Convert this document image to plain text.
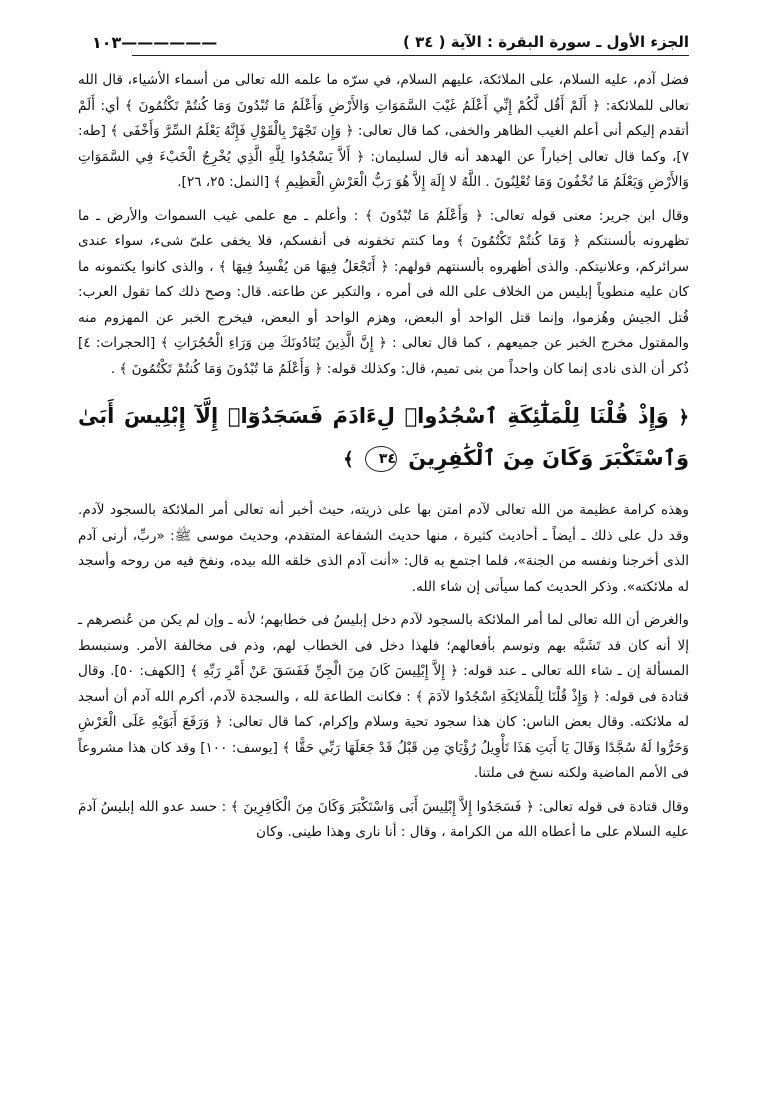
الجزء الأول ـ سورة البقرة : الآية ( ٣٤ )
١٠٣——————

فضل آدم، عليه السلام، على الملائكة، عليهم السلام، في سرّه ما علمه الله تعالى من أسماء الأشياء، قال الله تعالى للملائكة: ﴿ أَلَمْ أَقُل لَّكُمْ إِنِّي أَعْلَمُ غَيْبَ السَّمَوَاتِ وَالأَرْضِ وَأَعْلَمُ مَا تُبْدُونَ وَمَا كُنتُمْ تَكْتُمُونَ ﴾ أي: أَلَمْ أتقدم إليكم أنى أعلم الغيب الظاهر والخفى، كما قال تعالى: ﴿ وَإِن تَجْهَرْ بِالْقَوْلِ فَإِنَّهُ يَعْلَمُ السِّرَّ وَأَخْفَى ﴾ [طه: ٧]، وكما قال تعالى إخباراً عن الهدهد أنه قال لسليمان: ﴿ أَلاَّ يَسْجُدُوا لِلَّهِ الَّذِي يُخْرِجُ الْخَبْءَ فِي السَّمَوَاتِ وَالأَرْضِ وَيَعْلَمُ مَا تُخْفُونَ وَمَا تُعْلِنُونَ . اللَّهُ لا إِلَهَ إِلاَّ هُوَ رَبُّ الْعَرْشِ الْعَظِيمِ ﴾ [النمل: ٢٥، ٢٦].

وقال ابن جرير: معنى قوله تعالى: ﴿ وَأَعْلَمُ مَا تُبْدُونَ ﴾ : وأعلم ـ مع علمى غيب السموات والأرض ـ ما تظهرونه بألسنتكم ﴿ وَمَا كُنتُمْ تَكْتُمُونَ ﴾ وما كنتم تخفونه فى أنفسكم، فلا يخفى علىّ شىء، سواء عندى سرائركم، وعلانيتكم. والذى أظهروه بألسنتهم قولهم: ﴿ أَتَجْعَلُ فِيهَا مَن يُفْسِدُ فِيهَا ﴾ ، والذى كانوا يكتمونه ما كان عليه منطوياً إبليس من الخلاف على الله فى أمره ، والتكبر عن طاعته. قال: وصح ذلك كما تقول العرب: قُتل الجيش وهُزموا، وإنما قتل الواحد أو البعض، وهزم الواحد أو البعض، فيخرج الخبر عن المهزوم منه والمقتول مخرج الخبر عن جميعهم ، كما قال تعالى : ﴿ إِنَّ الَّذِينَ يُنَادُونَكَ مِن وَرَاءِ الْحُجُرَاتِ ﴾ [الحجرات: ٤] ذُكر أن الذى نادى إنما كان واحداً من بنى تميم، قال: وكذلك قوله: ﴿ وَأَعْلَمُ مَا تُبْدُونَ وَمَا كُنتُمْ تَكْتُمُونَ ﴾ .

﴿ وَإِذْ قُلْنَا لِلْمَلَٰٓئِكَةِ ٱسْجُدُوا۟ لِءَادَمَ فَسَجَدُوٓا۟ إِلَّآ إِبْلِيسَ أَبَىٰ وَٱسْتَكْبَرَ وَكَانَ مِنَ ٱلْكَٰفِرِينَ ٣٤ ﴾

وهذه كرامة عظيمة من الله تعالى لآدم امتن بها على ذريته، حيث أخبر أنه تعالى أمر الملائكة بالسجود لآدم. وقد دل على ذلك ـ أيضاً ـ أحاديث كثيرة ، منها حديث الشفاعة المتقدم، وحديث موسى ﷺ: «ربِّ، أرنى آدم الذى أخرجنا ونفسه من الجنة»، فلما اجتمع به قال: «أنت آدم الذى خلقه الله بيده، ونفخ فيه من روحه وأسجد له ملائكته». وذكر الحديث كما سيأتى إن شاء الله.

والغرض أن الله تعالى لما أمر الملائكة بالسجود لآدم دخل إبليسُ فى خطابهم؛ لأنه ـ وإن لم يكن من عُنصرهم ـ إلا أنه كان قد تَشَبَّه بهم وتوسم بأفعالهم؛ فلهذا دخل فى الخطاب لهم، وذم فى مخالفة الأمر. وسنبسط المسألة إن ـ شاء الله تعالى ـ عند قوله: ﴿ إِلاَّ إِبْلِيسَ كَانَ مِنَ الْجِنِّ فَفَسَقَ عَنْ أَمْرِ رَبِّهِ ﴾ [الكهف: ٥٠]. وقال قتادة فى قوله: ﴿ وَإِذْ قُلْنَا لِلْمَلائِكَةِ اسْجُدُوا لآدَمَ ﴾ : فكانت الطاعة لله ، والسجدة لآدم، أكرم الله آدم أن أسجد له ملائكته. وقال بعض الناس: كان هذا سجود تحية وسلام وإكرام، كما قال تعالى: ﴿ وَرَفَعَ أَبَوَيْهِ عَلَى الْعَرْشِ وَخَرُّوا لَهُ سُجَّدًا وَقَالَ يَا أَبَتِ هَذَا تَأْوِيلُ رُؤْيَايَ مِن قَبْلُ قَدْ جَعَلَهَا رَبِّي حَقًّا ﴾ [يوسف: ١٠٠] وقد كان هذا مشروعاً فى الأمم الماضية ولكنه نسخ فى ملتنا.

وقال قتادة فى قوله تعالى: ﴿ فَسَجَدُوا إِلاَّ إِبْلِيسَ أَبَى وَاسْتَكْبَرَ وَكَانَ مِنَ الْكَافِرِينَ ﴾ : حسد عدو الله إبليسُ آدمَ عليه السلام على ما أعطاه الله من الكرامة ، وقال : أنا نارى وهذا طينى. وكان
